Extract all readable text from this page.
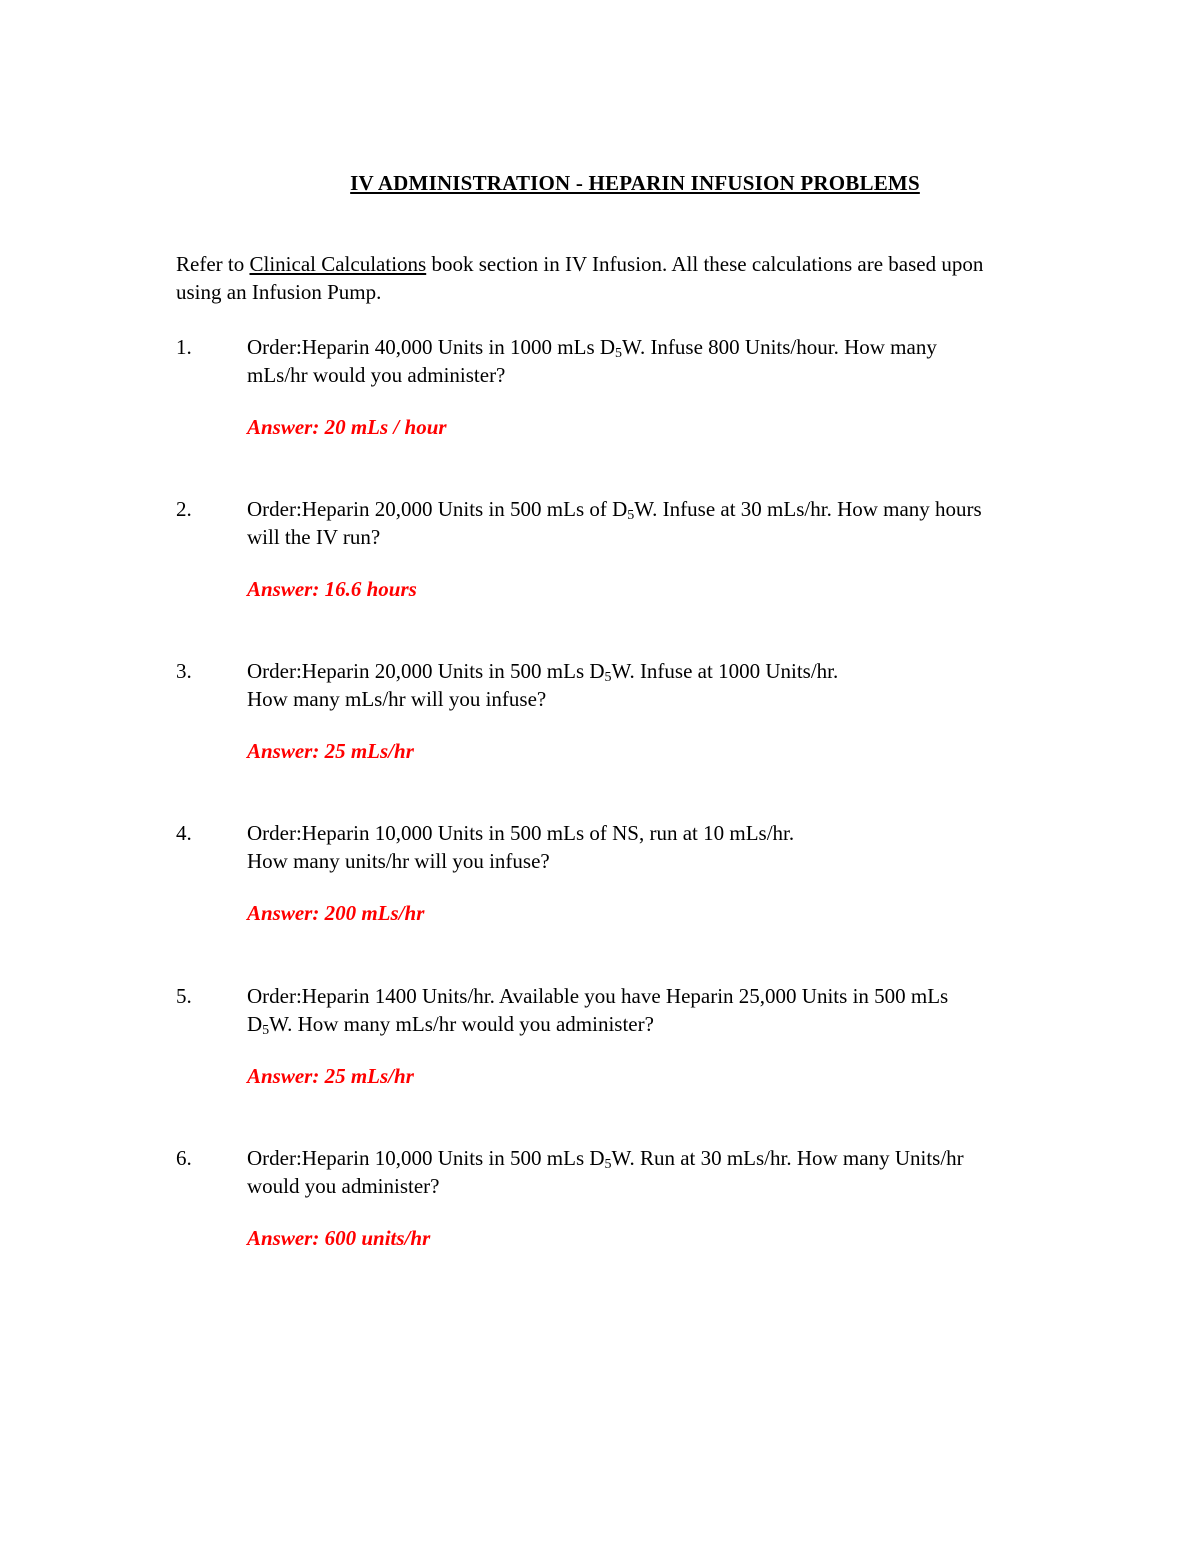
IV ADMINISTRATION - HEPARIN INFUSION PROBLEMS
Refer to Clinical Calculations book section in IV Infusion. All these calculations are based upon
using an Infusion Pump.
1.	Order:Heparin 40,000 Units in 1000 mLs $D_5W$. Infuse 800 Units/hour. How many
mLs/hr would you administer?
Answer: 20 mLs / hour
2.	Order:Heparin 20,000 Units in 500 mLs of $D_5W$. Infuse at 30 mLs/hr. How many hours
will the IV run?
Answer: 16.6 hours
3.	Order:Heparin 20,000 Units in 500 mLs $D_5W$. Infuse at 1000 Units/hr.
How many mLs/hr will you infuse?
Answer: 25 mLs/hr
4.	Order:Heparin 10,000 Units in 500 mLs of NS, run at 10 mLs/hr.
How many units/hr will you infuse?
Answer: 200 mLs/hr
5.	Order:Heparin 1400 Units/hr. Available you have Heparin 25,000 Units in 500 mLs
$D_5W$. How many mLs/hr would you administer?
Answer: 25 mLs/hr
6.	Order:Heparin 10,000 Units in 500 mLs $D_5W$. Run at 30 mLs/hr. How many Units/hr
would you administer?
Answer: 600 units/hr
